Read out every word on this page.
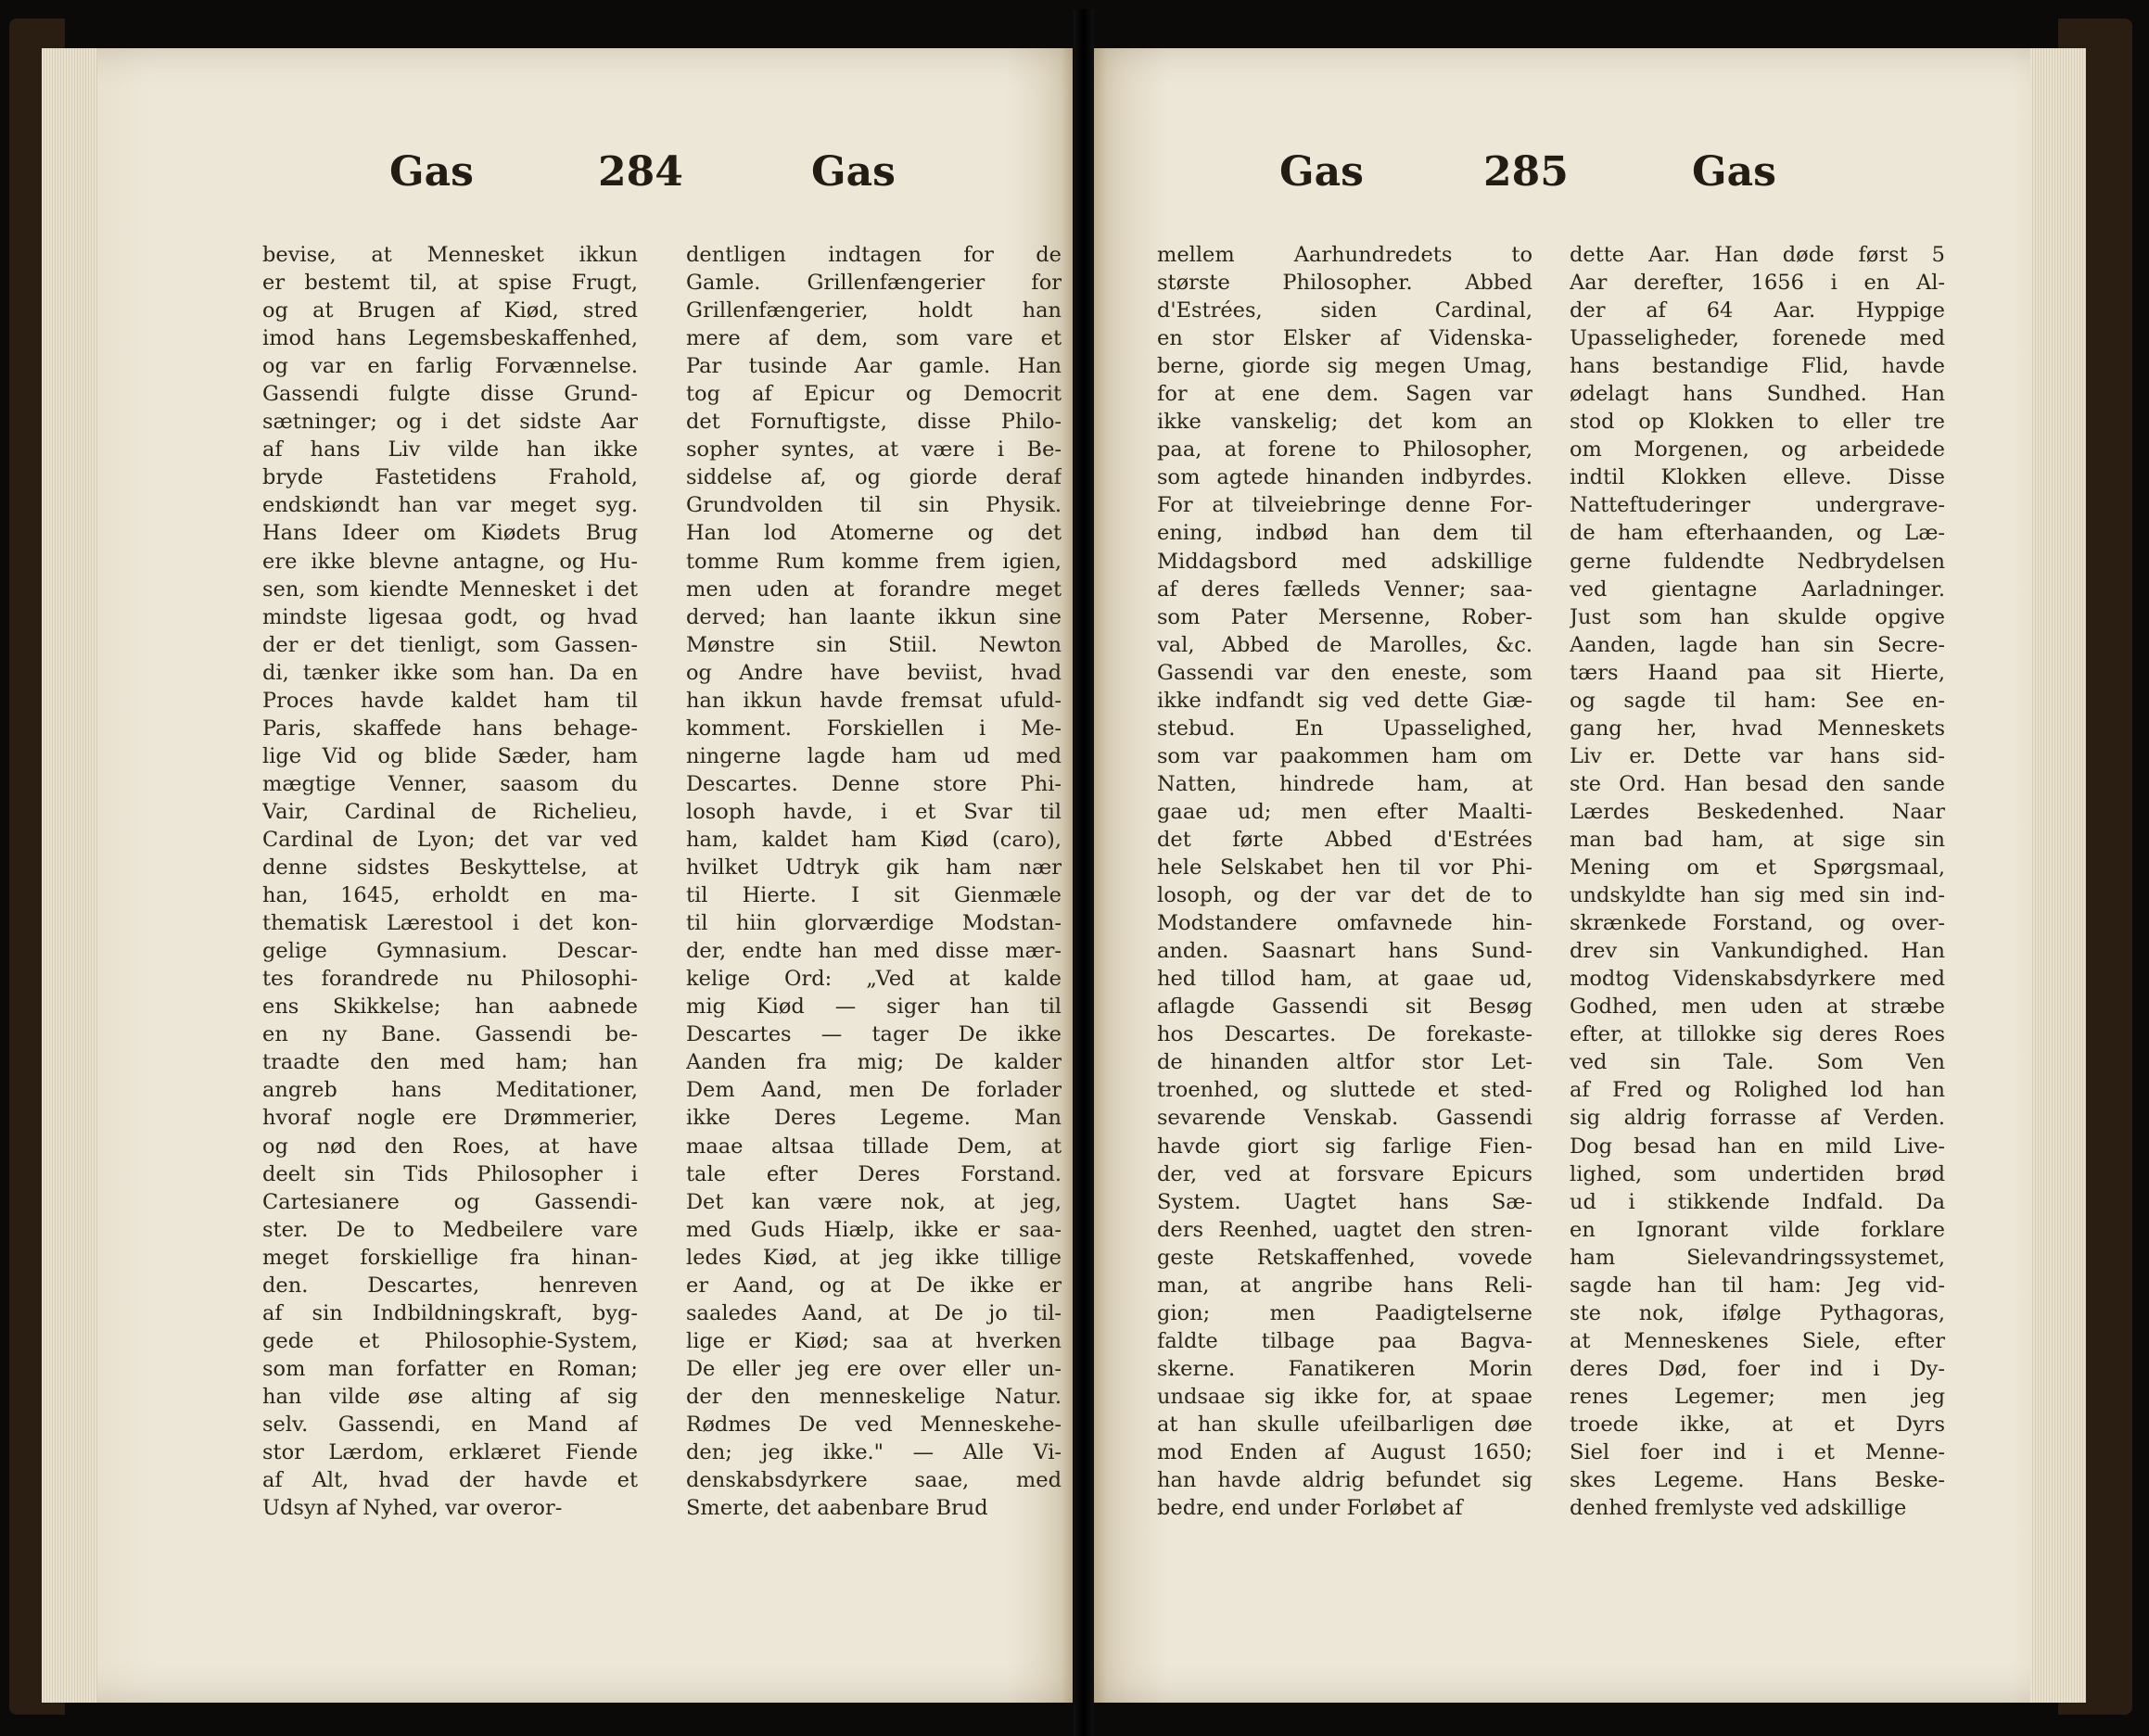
Gas	284	Gas
bevise, at Mennesket ikkun
er bestemt til, at spise Frugt,
og at Brugen af Kiød, stred
imod hans Legemsbeskaffenhed,
og var en farlig Forvænnelse.
Gassendi fulgte disse Grund-
sætninger; og i det sidste Aar
af hans Liv vilde han ikke
bryde Fastetidens Frahold,
endskiøndt han var meget syg.
Hans Ideer om Kiødets Brug
ere ikke blevne antagne, og Hu-
sen, som kiendte Mennesket i det
mindste ligesaa godt, og hvad
der er det tienligt, som Gassen-
di, tænker ikke som han. Da en
Proces havde kaldet ham til
Paris, skaffede hans behage-
lige Vid og blide Sæder, ham
mægtige Venner, saasom du
Vair, Cardinal de Richelieu,
Cardinal de Lyon; det var ved
denne sidstes Beskyttelse, at
han, 1645, erholdt en ma-
thematisk Lærestool i det kon-
gelige Gymnasium. Descar-
tes forandrede nu Philosophi-
ens Skikkelse; han aabnede
en ny Bane. Gassendi be-
traadte den med ham; han
angreb hans Meditationer,
hvoraf nogle ere Drømmerier,
og nød den Roes, at have
deelt sin Tids Philosopher i
Cartesianere og Gassendi-
ster. De to Medbeilere vare
meget forskiellige fra hinan-
den. Descartes, henreven
af sin Indbildningskraft, byg-
gede et Philosophie-System,
som man forfatter en Roman;
han vilde øse alting af sig
selv. Gassendi, en Mand af
stor Lærdom, erklæret Fiende
af Alt, hvad der havde et
Udsyn af Nyhed, var overor-
dentligen indtagen for de
Gamle. Grillenfængerier for
Grillenfængerier, holdt han
mere af dem, som vare et
Par tusinde Aar gamle. Han
tog af Epicur og Democrit
det Fornuftigste, disse Philo-
sopher syntes, at være i Be-
siddelse af, og giorde deraf
Grundvolden til sin Physik.
Han lod Atomerne og det
tomme Rum komme frem igien,
men uden at forandre meget
derved; han laante ikkun sine
Mønstre sin Stiil. Newton
og Andre have beviist, hvad
han ikkun havde fremsat ufuld-
komment. Forskiellen i Me-
ningerne lagde ham ud med
Descartes. Denne store Phi-
losoph havde, i et Svar til
ham, kaldet ham Kiød (caro),
hvilket Udtryk gik ham nær
til Hierte. I sit Gienmæle
til hiin glorværdige Modstan-
der, endte han med disse mær-
kelige Ord: „Ved at kalde
mig Kiød — siger han til
Descartes — tager De ikke
Aanden fra mig; De kalder
Dem Aand, men De forlader
ikke Deres Legeme. Man
maae altsaa tillade Dem, at
tale efter Deres Forstand.
Det kan være nok, at jeg,
med Guds Hiælp, ikke er saa-
ledes Kiød, at jeg ikke tillige
er Aand, og at De ikke er
saaledes Aand, at De jo til-
lige er Kiød; saa at hverken
De eller jeg ere over eller un-
der den menneskelige Natur.
Rødmes De ved Menneskehe-
den; jeg ikke." — Alle Vi-
denskabsdyrkere saae, med
Smerte, det aabenbare Brud
Gas	285	Gas
mellem Aarhundredets to
største Philosopher. Abbed
d'Estrées, siden Cardinal,
en stor Elsker af Videnska-
berne, giorde sig megen Umag,
for at ene dem. Sagen var
ikke vanskelig; det kom an
paa, at forene to Philosopher,
som agtede hinanden indbyrdes.
For at tilveiebringe denne For-
ening, indbød han dem til
Middagsbord med adskillige
af deres fælleds Venner; saa-
som Pater Mersenne, Rober-
val, Abbed de Marolles, &c.
Gassendi var den eneste, som
ikke indfandt sig ved dette Giæ-
stebud. En Upasselighed,
som var paakommen ham om
Natten, hindrede ham, at
gaae ud; men efter Maalti-
det førte Abbed d'Estrées
hele Selskabet hen til vor Phi-
losoph, og der var det de to
Modstandere omfavnede hin-
anden. Saasnart hans Sund-
hed tillod ham, at gaae ud,
aflagde Gassendi sit Besøg
hos Descartes. De forekaste-
de hinanden altfor stor Let-
troenhed, og sluttede et sted-
sevarende Venskab. Gassendi
havde giort sig farlige Fien-
der, ved at forsvare Epicurs
System. Uagtet hans Sæ-
ders Reenhed, uagtet den stren-
geste Retskaffenhed, vovede
man, at angribe hans Reli-
gion; men Paadigtelserne
faldte tilbage paa Bagva-
skerne. Fanatikeren Morin
undsaae sig ikke for, at spaae
at han skulle ufeilbarligen døe
mod Enden af August 1650;
han havde aldrig befundet sig
bedre, end under Forløbet af
dette Aar. Han døde først 5
Aar derefter, 1656 i en Al-
der af 64 Aar. Hyppige
Upasseligheder, forenede med
hans bestandige Flid, havde
ødelagt hans Sundhed. Han
stod op Klokken to eller tre
om Morgenen, og arbeidede
indtil Klokken elleve. Disse
Natteftuderinger undergrave-
de ham efterhaanden, og Læ-
gerne fuldendte Nedbrydelsen
ved gientagne Aarladninger.
Just som han skulde opgive
Aanden, lagde han sin Secre-
tærs Haand paa sit Hierte,
og sagde til ham: See en-
gang her, hvad Menneskets
Liv er. Dette var hans sid-
ste Ord. Han besad den sande
Lærdes Beskedenhed. Naar
man bad ham, at sige sin
Mening om et Spørgsmaal,
undskyldte han sig med sin ind-
skrænkede Forstand, og over-
drev sin Vankundighed. Han
modtog Videnskabsdyrkere med
Godhed, men uden at stræbe
efter, at tillokke sig deres Roes
ved sin Tale. Som Ven
af Fred og Rolighed lod han
sig aldrig forrasse af Verden.
Dog besad han en mild Live-
lighed, som undertiden brød
ud i stikkende Indfald. Da
en Ignorant vilde forklare
ham Sielevandringssystemet,
sagde han til ham: Jeg vid-
ste nok, ifølge Pythagoras,
at Menneskenes Siele, efter
deres Død, foer ind i Dy-
renes Legemer; men jeg
troede ikke, at et Dyrs
Siel foer ind i et Menne-
skes Legeme. Hans Beske-
denhed fremlyste ved adskillige
